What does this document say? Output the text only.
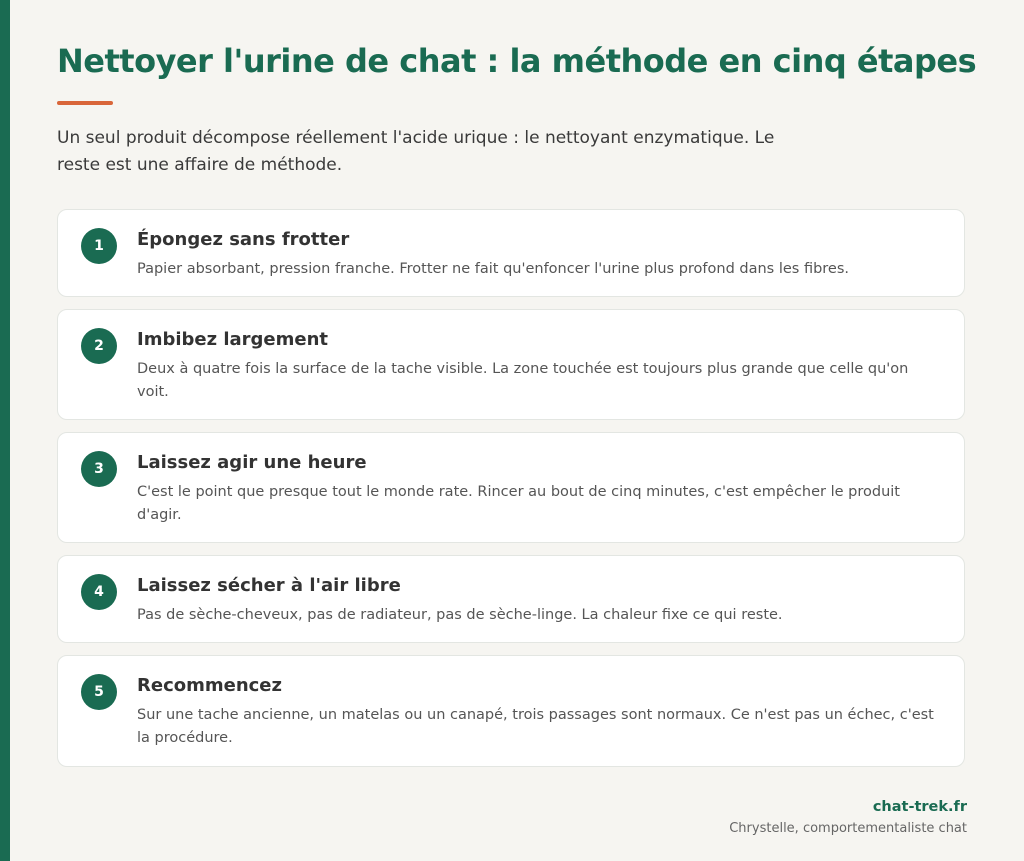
Nettoyer l'urine de chat : la méthode en cinq étapes

Un seul produit décompose réellement l'acide urique : le nettoyant enzymatique. Le reste est une affaire de méthode.

1	Épongez sans frotter

Papier absorbant, pression franche. Frotter ne fait qu'enfoncer l'urine plus profond dans les fibres.

2	Imbibez largement

Deux à quatre fois la surface de la tache visible. La zone touchée est toujours plus grande que celle qu'on voit.

3	Laissez agir une heure

C'est le point que presque tout le monde rate. Rincer au bout de cinq minutes, c'est empêcher le produit d'agir.

4	Laissez sécher à l'air libre

Pas de sèche-cheveux, pas de radiateur, pas de sèche-linge. La chaleur fixe ce qui reste.

5	Recommencez

Sur une tache ancienne, un matelas ou un canapé, trois passages sont normaux. Ce n'est pas un échec, c'est la procédure.

chat-trek.fr
Chrystelle, comportementaliste chat
